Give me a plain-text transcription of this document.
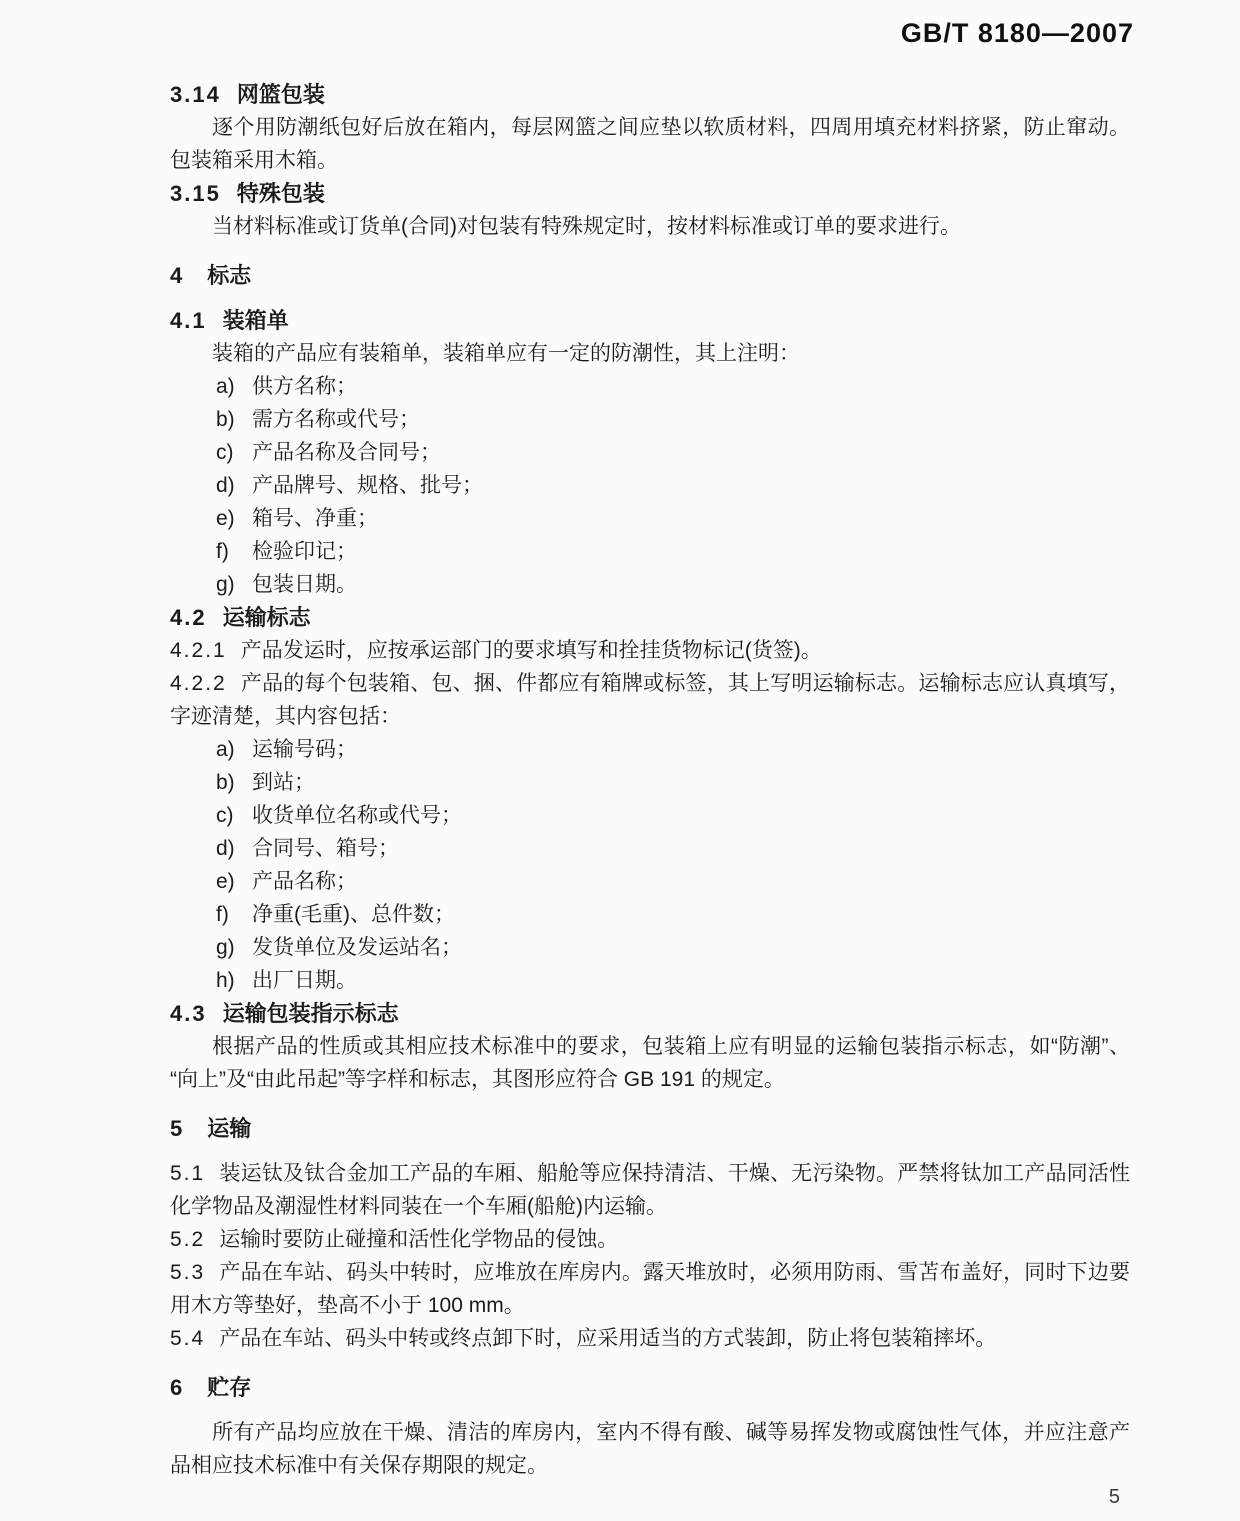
GB/T 8180—2007
3.14 网篮包装
逐个用防潮纸包好后放在箱内，每层网篮之间应垫以软质材料，四周用填充材料挤紧，防止窜动。包装箱采用木箱。
3.15 特殊包装
当材料标准或订货单(合同)对包装有特殊规定时，按材料标准或订单的要求进行。
4 标志
4.1 装箱单
装箱的产品应有装箱单，装箱单应有一定的防潮性，其上注明：
a) 供方名称；
b) 需方名称或代号；
c) 产品名称及合同号；
d) 产品牌号、规格、批号；
e) 箱号、净重；
f) 检验印记；
g) 包装日期。
4.2 运输标志
4.2.1 产品发运时，应按承运部门的要求填写和拴挂货物标记(货签)。
4.2.2 产品的每个包装箱、包、捆、件都应有箱牌或标签，其上写明运输标志。运输标志应认真填写，字迹清楚，其内容包括：
a) 运输号码；
b) 到站；
c) 收货单位名称或代号；
d) 合同号、箱号；
e) 产品名称；
f) 净重(毛重)、总件数；
g) 发货单位及发运站名；
h) 出厂日期。
4.3 运输包装指示标志
根据产品的性质或其相应技术标准中的要求，包装箱上应有明显的运输包装指示标志，如“防潮”、“向上”及“由此吊起”等字样和标志，其图形应符合 GB 191 的规定。
5 运输
5.1 装运钛及钛合金加工产品的车厢、船舱等应保持清洁、干燥、无污染物。严禁将钛加工产品同活性化学物品及潮湿性材料同装在一个车厢(船舱)内运输。
5.2 运输时要防止碰撞和活性化学物品的侵蚀。
5.3 产品在车站、码头中转时，应堆放在库房内。露天堆放时，必须用防雨、雪苫布盖好，同时下边要用木方等垫好，垫高不小于 100 mm。
5.4 产品在车站、码头中转或终点卸下时，应采用适当的方式装卸，防止将包装箱摔坏。
6 贮存
所有产品均应放在干燥、清洁的库房内，室内不得有酸、碱等易挥发物或腐蚀性气体，并应注意产品相应技术标准中有关保存期限的规定。
5
